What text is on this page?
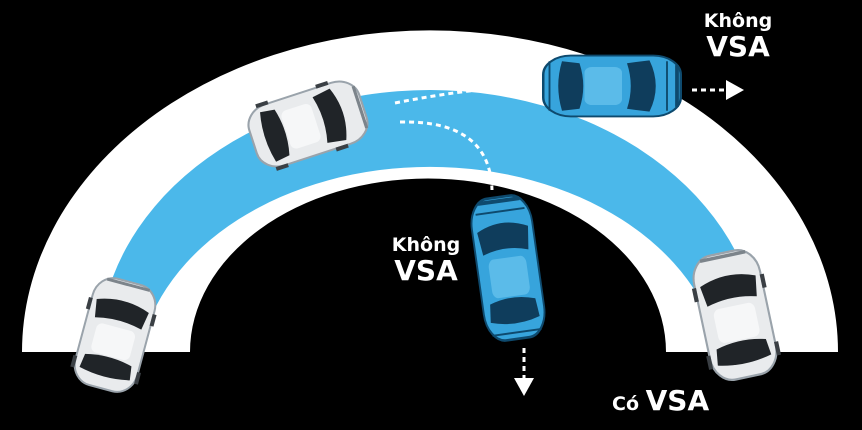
Không
VSA
Không
VSA
Có VSA
